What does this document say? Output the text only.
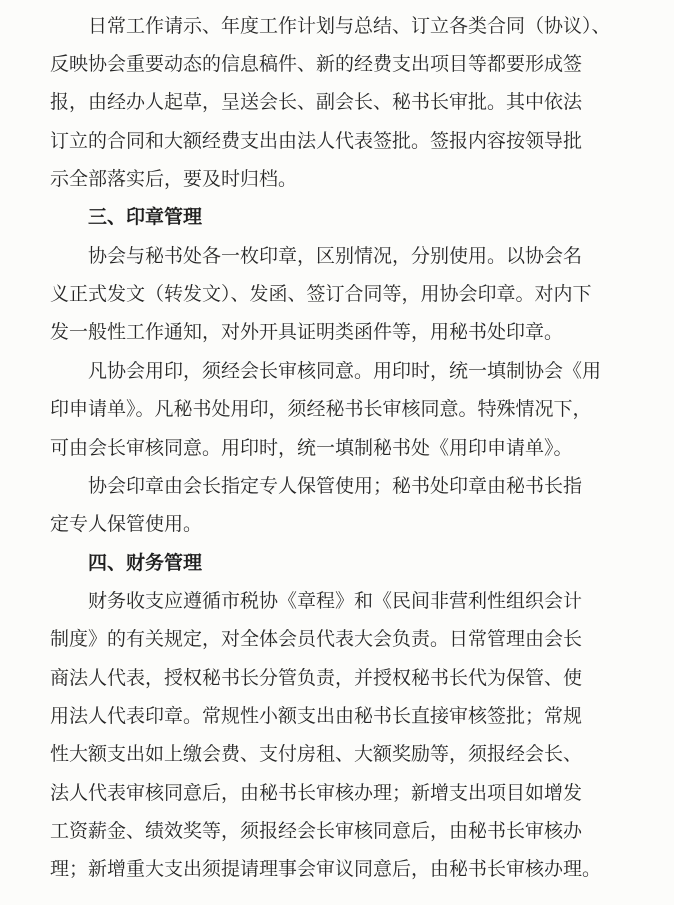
日常工作请示、年度工作计划与总结、订立各类合同（协议）、
反映协会重要动态的信息稿件、新的经费支出项目等都要形成签
报，由经办人起草，呈送会长、副会长、秘书长审批。其中依法
订立的合同和大额经费支出由法人代表签批。签报内容按领导批
示全部落实后，要及时归档。
三、印章管理
协会与秘书处各一枚印章，区别情况，分别使用。以协会名
义正式发文（转发文）、发函、签订合同等，用协会印章。对内下
发一般性工作通知，对外开具证明类函件等，用秘书处印章。
凡协会用印，须经会长审核同意。用印时，统一填制协会《用
印申请单》。凡秘书处用印，须经秘书长审核同意。特殊情况下，
可由会长审核同意。用印时，统一填制秘书处《用印申请单》。
协会印章由会长指定专人保管使用；秘书处印章由秘书长指
定专人保管使用。
四、财务管理
财务收支应遵循市税协《章程》和《民间非营利性组织会计
制度》的有关规定，对全体会员代表大会负责。日常管理由会长
商法人代表，授权秘书长分管负责，并授权秘书长代为保管、使
用法人代表印章。常规性小额支出由秘书长直接审核签批；常规
性大额支出如上缴会费、支付房租、大额奖励等，须报经会长、
法人代表审核同意后，由秘书长审核办理；新增支出项目如增发
工资薪金、绩效奖等，须报经会长审核同意后，由秘书长审核办
理；新增重大支出须提请理事会审议同意后，由秘书长审核办理。
